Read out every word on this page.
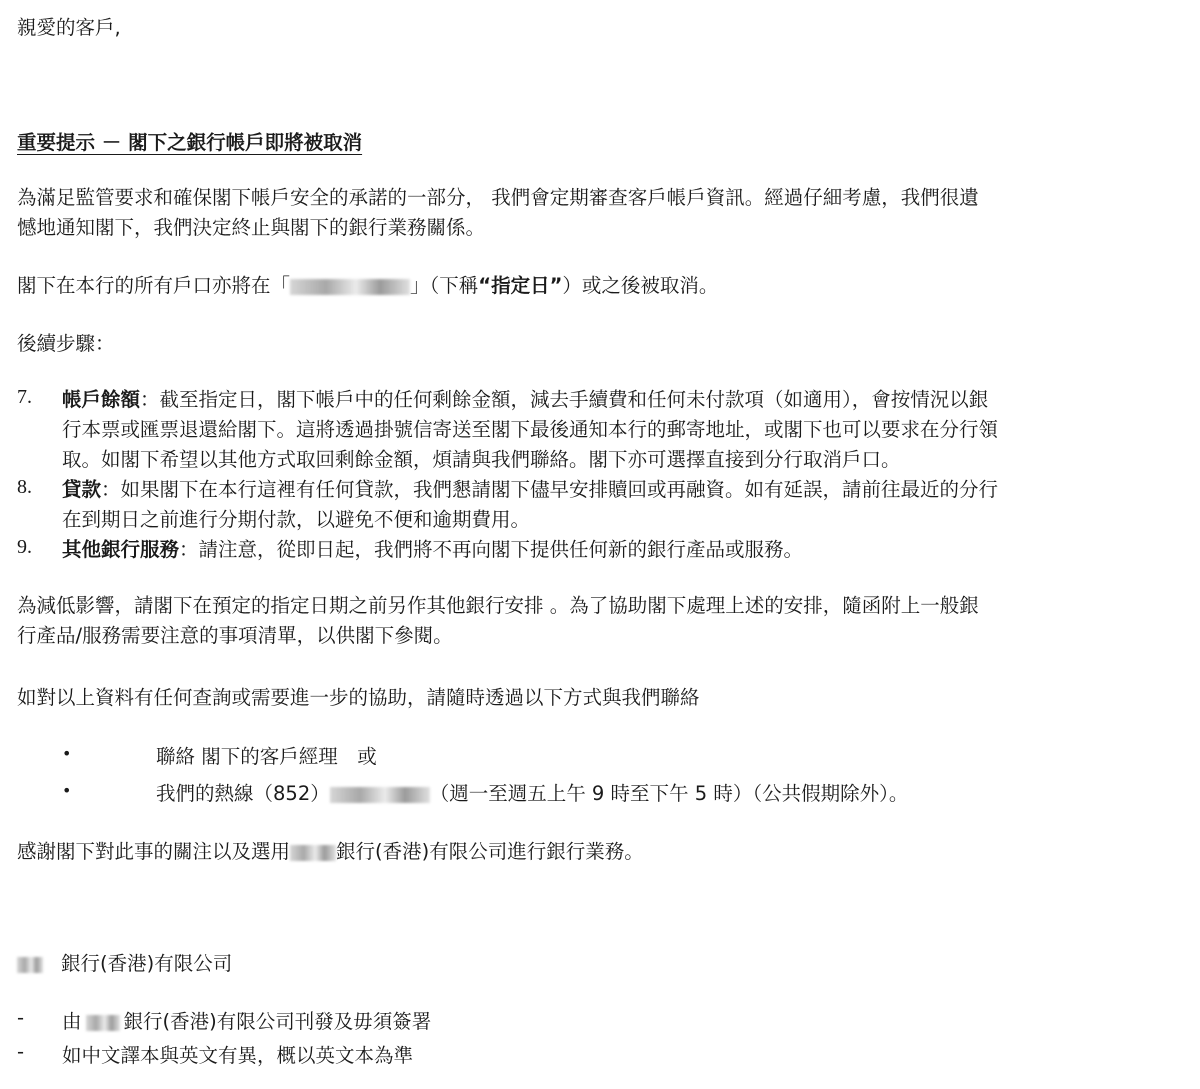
親愛的客戶,
重要提示 － 閣下之銀行帳戶即將被取消
為滿足監管要求和確保閣下帳戶安全的承諾的一部分， 我們會定期審查客戶帳戶資訊。經過仔細考慮，我們很遺
憾地通知閣下，我們決定終止與閣下的銀行業務關係。
閣下在本行的所有戶口亦將在「	」（下稱“指定日”）或之後被取消。
後續步驟：
7. 帳戶餘額：截至指定日，閣下帳戶中的任何剩餘金額，減去手續費和任何未付款項（如適用），會按情況以銀
行本票或匯票退還給閣下。這將透過掛號信寄送至閣下最後通知本行的郵寄地址，或閣下也可以要求在分行領
取。如閣下希望以其他方式取回剩餘金額，煩請與我們聯絡。閣下亦可選擇直接到分行取消戶口。
8. 貸款：如果閣下在本行這裡有任何貸款，我們懇請閣下儘早安排贖回或再融資。如有延誤，請前往最近的分行
在到期日之前進行分期付款，以避免不便和逾期費用。
9. 其他銀行服務：請注意，從即日起，我們將不再向閣下提供任何新的銀行產品或服務。
為減低影響，請閣下在預定的指定日期之前另作其他銀行安排 。為了協助閣下處理上述的安排，隨函附上一般銀
行產品/服務需要注意的事項清單，以供閣下參閱。
如對以上資料有任何查詢或需要進一步的協助，請隨時透過以下方式與我們聯絡
•	聯絡 閣下的客戶經理　或
•	我們的熱線（852）	（週一至週五上午 9 時至下午 5 時）（公共假期除外）。
感謝閣下對此事的關注以及選用 銀行(香港)有限公司進行銀行業務。
銀行(香港)有限公司
- 由 銀行(香港)有限公司刊發及毋須簽署
- 如中文譯本與英文有異，概以英文本為準
